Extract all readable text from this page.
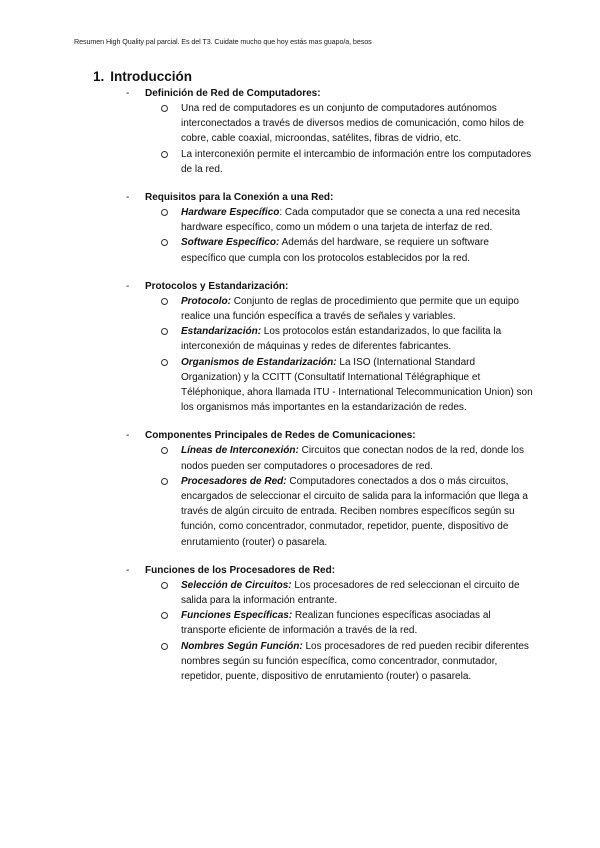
Resumen High Quality pal parcial. Es del T3. Cuidate mucho que hoy estás mas guapo/a, besos
1. Introducción
- Definición de Red de Computadores:
Una red de computadores es un conjunto de computadores autónomos interconectados a través de diversos medios de comunicación, como hilos de cobre, cable coaxial, microondas, satélites, fibras de vidrio, etc.
La interconexión permite el intercambio de información entre los computadores de la red.
- Requisitos para la Conexión a una Red:
Hardware Específico: Cada computador que se conecta a una red necesita hardware específico, como un módem o una tarjeta de interfaz de red.
Software Específico: Además del hardware, se requiere un software específico que cumpla con los protocolos establecidos por la red.
- Protocolos y Estandarización:
Protocolo: Conjunto de reglas de procedimiento que permite que un equipo realice una función específica a través de señales y variables.
Estandarización: Los protocolos están estandarizados, lo que facilita la interconexión de máquinas y redes de diferentes fabricantes.
Organismos de Estandarización: La ISO (International Standard Organization) y la CCITT (Consultatif International Télégraphique et Téléphonique, ahora llamada ITU - International Telecommunication Union) son los organismos más importantes en la estandarización de redes.
- Componentes Principales de Redes de Comunicaciones:
Líneas de Interconexión: Circuitos que conectan nodos de la red, donde los nodos pueden ser computadores o procesadores de red.
Procesadores de Red: Computadores conectados a dos o más circuitos, encargados de seleccionar el circuito de salida para la información que llega a través de algún circuito de entrada. Reciben nombres específicos según su función, como concentrador, conmutador, repetidor, puente, dispositivo de enrutamiento (router) o pasarela.
- Funciones de los Procesadores de Red:
Selección de Circuitos: Los procesadores de red seleccionan el circuito de salida para la información entrante.
Funciones Específicas: Realizan funciones específicas asociadas al transporte eficiente de información a través de la red.
Nombres Según Función: Los procesadores de red pueden recibir diferentes nombres según su función específica, como concentrador, conmutador, repetidor, puente, dispositivo de enrutamiento (router) o pasarela.
